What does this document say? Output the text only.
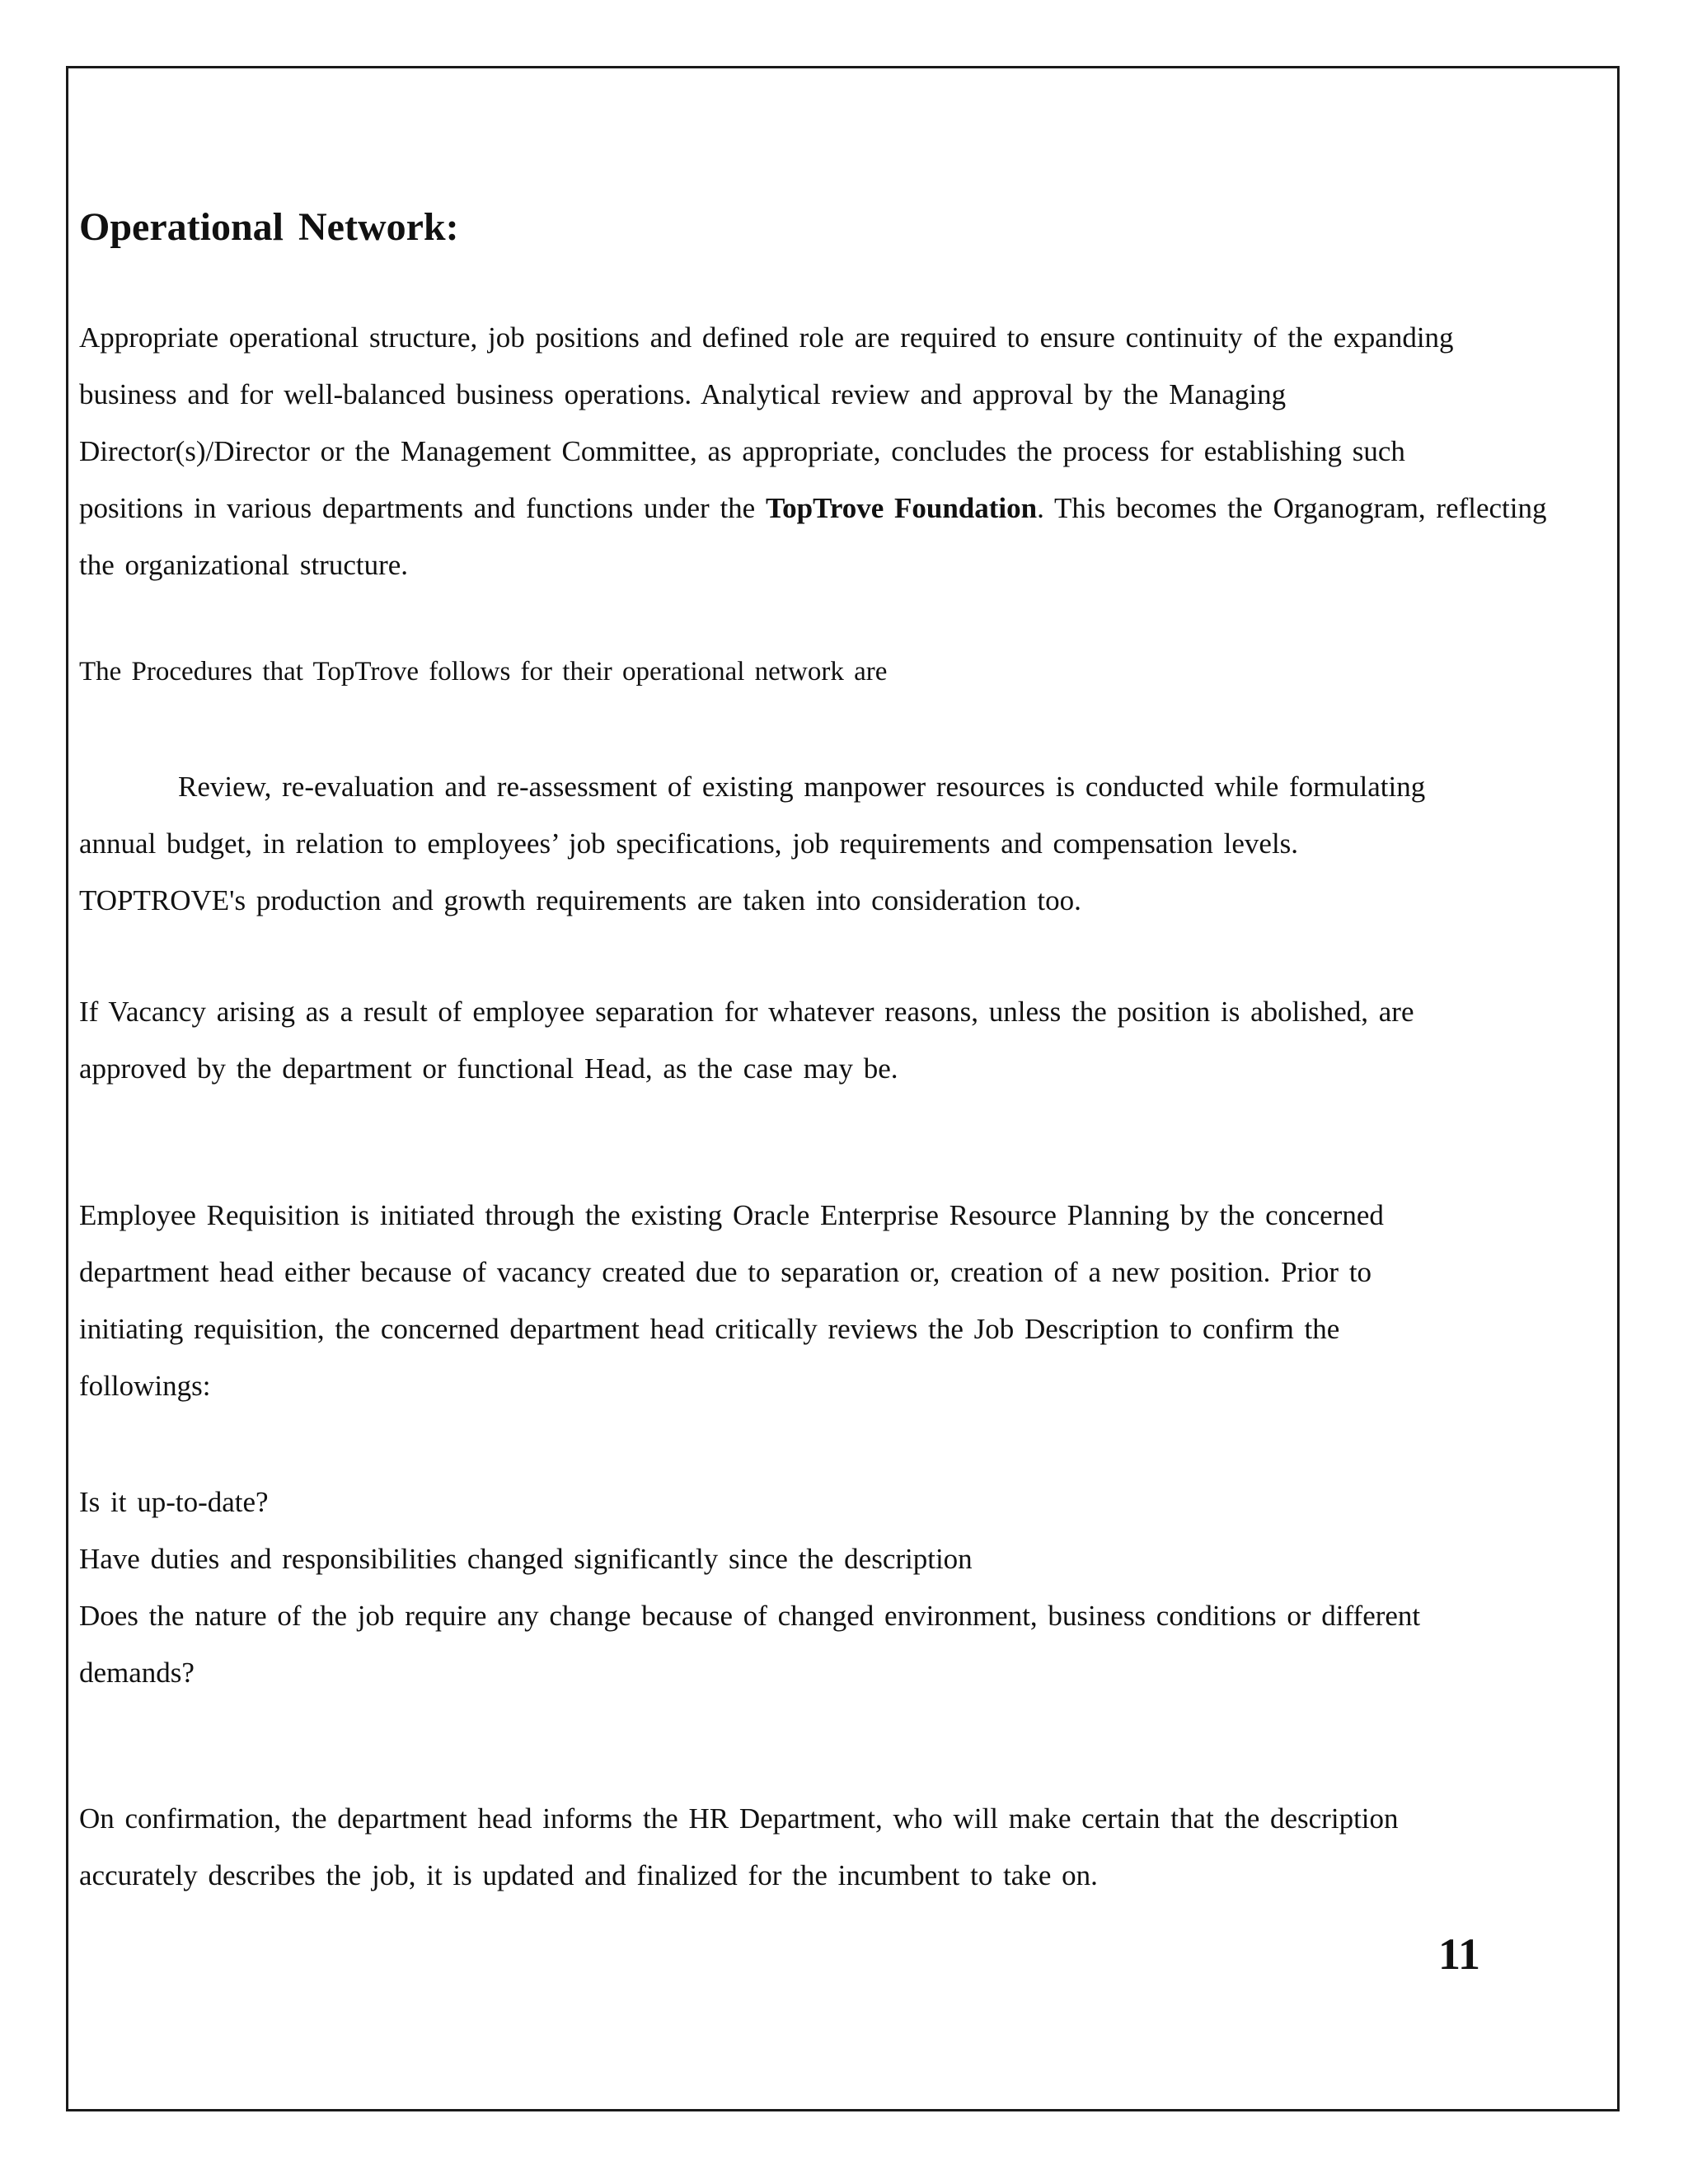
Operational Network:

Appropriate operational structure, job positions and defined role are required to ensure continuity of the expanding
business and for well-balanced business operations. Analytical review and approval by the Managing
Director(s)/Director or the Management Committee, as appropriate, concludes the process for establishing such
positions in various departments and functions under the TopTrove Foundation. This becomes the Organogram, reflecting
the organizational structure.

The Procedures that TopTrove follows for their operational network are

Review, re-evaluation and re-assessment of existing manpower resources is conducted while formulating
annual budget, in relation to employees’ job specifications, job requirements and compensation levels.
TOPTROVE's production and growth requirements are taken into consideration too.

If Vacancy arising as a result of employee separation for whatever reasons, unless the position is abolished, are
approved by the department or functional Head, as the case may be.

Employee Requisition is initiated through the existing Oracle Enterprise Resource Planning by the concerned
department head either because of vacancy created due to separation or, creation of a new position. Prior to
initiating requisition, the concerned department head critically reviews the Job Description to confirm the
followings:

Is it up-to-date?
Have duties and responsibilities changed significantly since the description
Does the nature of the job require any change because of changed environment, business conditions or different
demands?

On confirmation, the department head informs the HR Department, who will make certain that the description
accurately describes the job, it is updated and finalized for the incumbent to take on.

11
